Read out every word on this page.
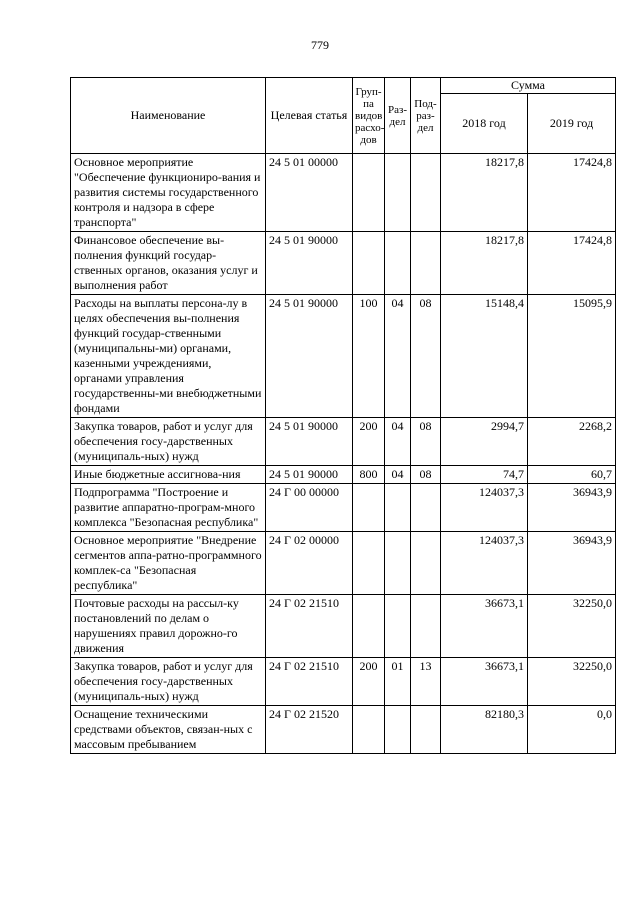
779
Наименование	Целевая статья	Груп-па видов расхо-дов	Раз-дел	Под-раз-дел	Сумма	
					2018 год	2019 год
Основное мероприятие "Обеспечение функциониро-вания и развития системы государственного контроля и надзора в сфере транспорта"	24 5 01 00000				18217,8	17424,8
Финансовое обеспечение вы-полнения функций государ-ственных органов, оказания услуг и выполнения работ	24 5 01 90000				18217,8	17424,8
Расходы на выплаты персона-лу в целях обеспечения вы-полнения функций государ-ственными (муниципальны-ми) органами, казенными учреждениями, органами управления государственны-ми внебюджетными фондами	24 5 01 90000	100	04	08	15148,4	15095,9
Закупка товаров, работ и услуг для обеспечения госу-дарственных (муниципаль-ных) нужд	24 5 01 90000	200	04	08	2994,7	2268,2
Иные бюджетные ассигнова-ния	24 5 01 90000	800	04	08	74,7	60,7
Подпрограмма "Построение и развитие аппаратно-програм-много комплекса "Безопасная республика"	24 Г 00 00000				124037,3	36943,9
Основное мероприятие "Внедрение сегментов аппа-ратно-программного комплек-са "Безопасная республика"	24 Г 02 00000				124037,3	36943,9
Почтовые расходы на рассыл-ку постановлений по делам о нарушениях правил дорожно-го движения	24 Г 02 21510				36673,1	32250,0
Закупка товаров, работ и услуг для обеспечения госу-дарственных (муниципаль-ных) нужд	24 Г 02 21510	200	01	13	36673,1	32250,0
Оснащение техническими средствами объектов, связан-ных с массовым пребыванием	24 Г 02 21520				82180,3	0,0
